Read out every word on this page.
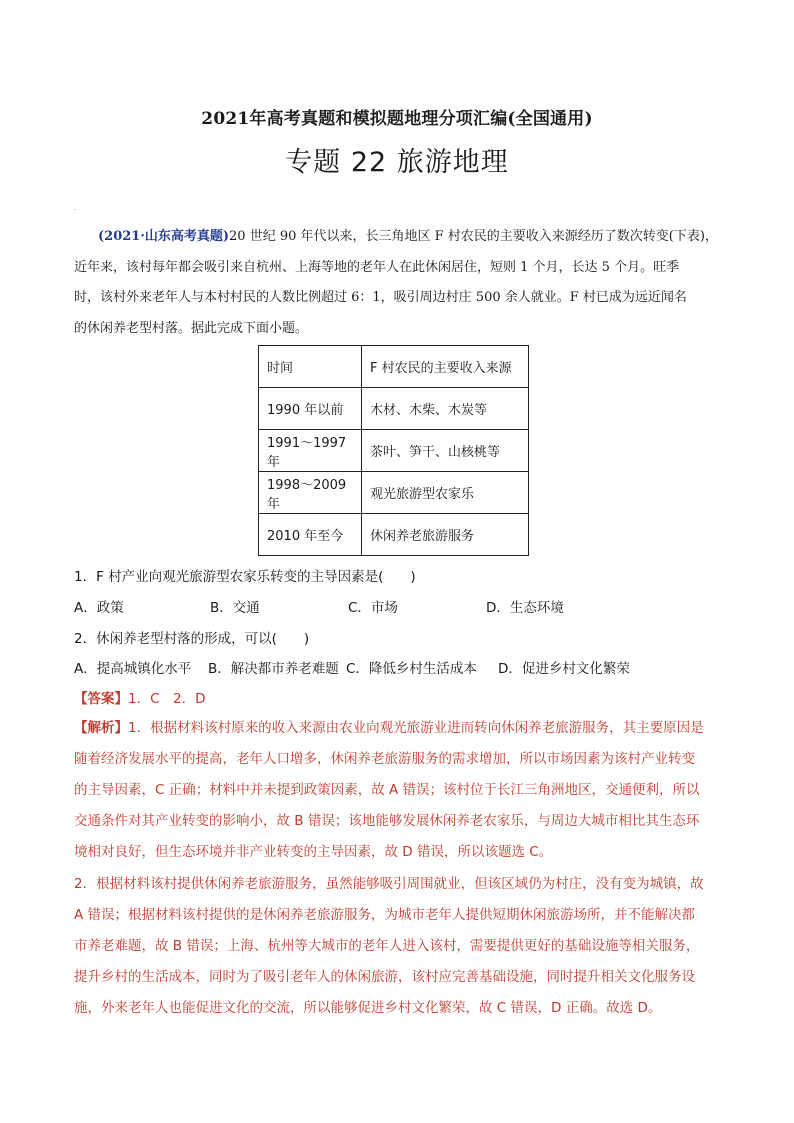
2021年高考真题和模拟题地理分项汇编(全国通用)
专题 22 旅游地理
.
(2021·山东高考真题)20 世纪 90 年代以来，长三角地区 F 村农民的主要收入来源经历了数次转变(下表)，
近年来，该村每年都会吸引来自杭州、上海等地的老年人在此休闲居住，短则 1 个月，长达 5 个月。旺季
时，该村外来老年人与本村村民的人数比例超过 6：1，吸引周边村庄 500 余人就业。F 村已成为远近闻名
的休闲养老型村落。据此完成下面小题。
时间	F 村农民的主要收入来源
1990 年以前	木材、木柴、木炭等
1991～1997 年	茶叶、笋干、山核桃等
1998～2009 年	观光旅游型农家乐
2010 年至今	休闲养老旅游服务
1．F 村产业向观光旅游型农家乐转变的主导因素是(　　)
A．政策	B．交通	C．市场	D．生态环境
2．休闲养老型村落的形成，可以(　　)
A．提高城镇化水平 B．解决都市养老难题 C．降低乡村生活成本 D．促进乡村文化繁荣
【答案】1．C　2．D
【解析】1．根据材料该村原来的收入来源由农业向观光旅游业进而转向休闲养老旅游服务，其主要原因是
随着经济发展水平的提高，老年人口增多，休闲养老旅游服务的需求增加，所以市场因素为该村产业转变
的主导因素，C 正确；材料中并未提到政策因素，故 A 错误；该村位于长江三角洲地区，交通便利，所以
交通条件对其产业转变的影响小，故 B 错误；该地能够发展休闲养老农家乐，与周边大城市相比其生态环
境相对良好，但生态环境并非产业转变的主导因素，故 D 错误，所以该题选 C。
2．根据材料该村提供休闲养老旅游服务，虽然能够吸引周围就业，但该区域仍为村庄，没有变为城镇，故
A 错误；根据材料该村提供的是休闲养老旅游服务，为城市老年人提供短期休闲旅游场所，并不能解决都
市养老难题，故 B 错误；上海、杭州等大城市的老年人进入该村，需要提供更好的基础设施等相关服务，
提升乡村的生活成本，同时为了吸引老年人的休闲旅游，该村应完善基础设施，同时提升相关文化服务设
施，外来老年人也能促进文化的交流，所以能够促进乡村文化繁荣，故 C 错误，D 正确。故选 D。
